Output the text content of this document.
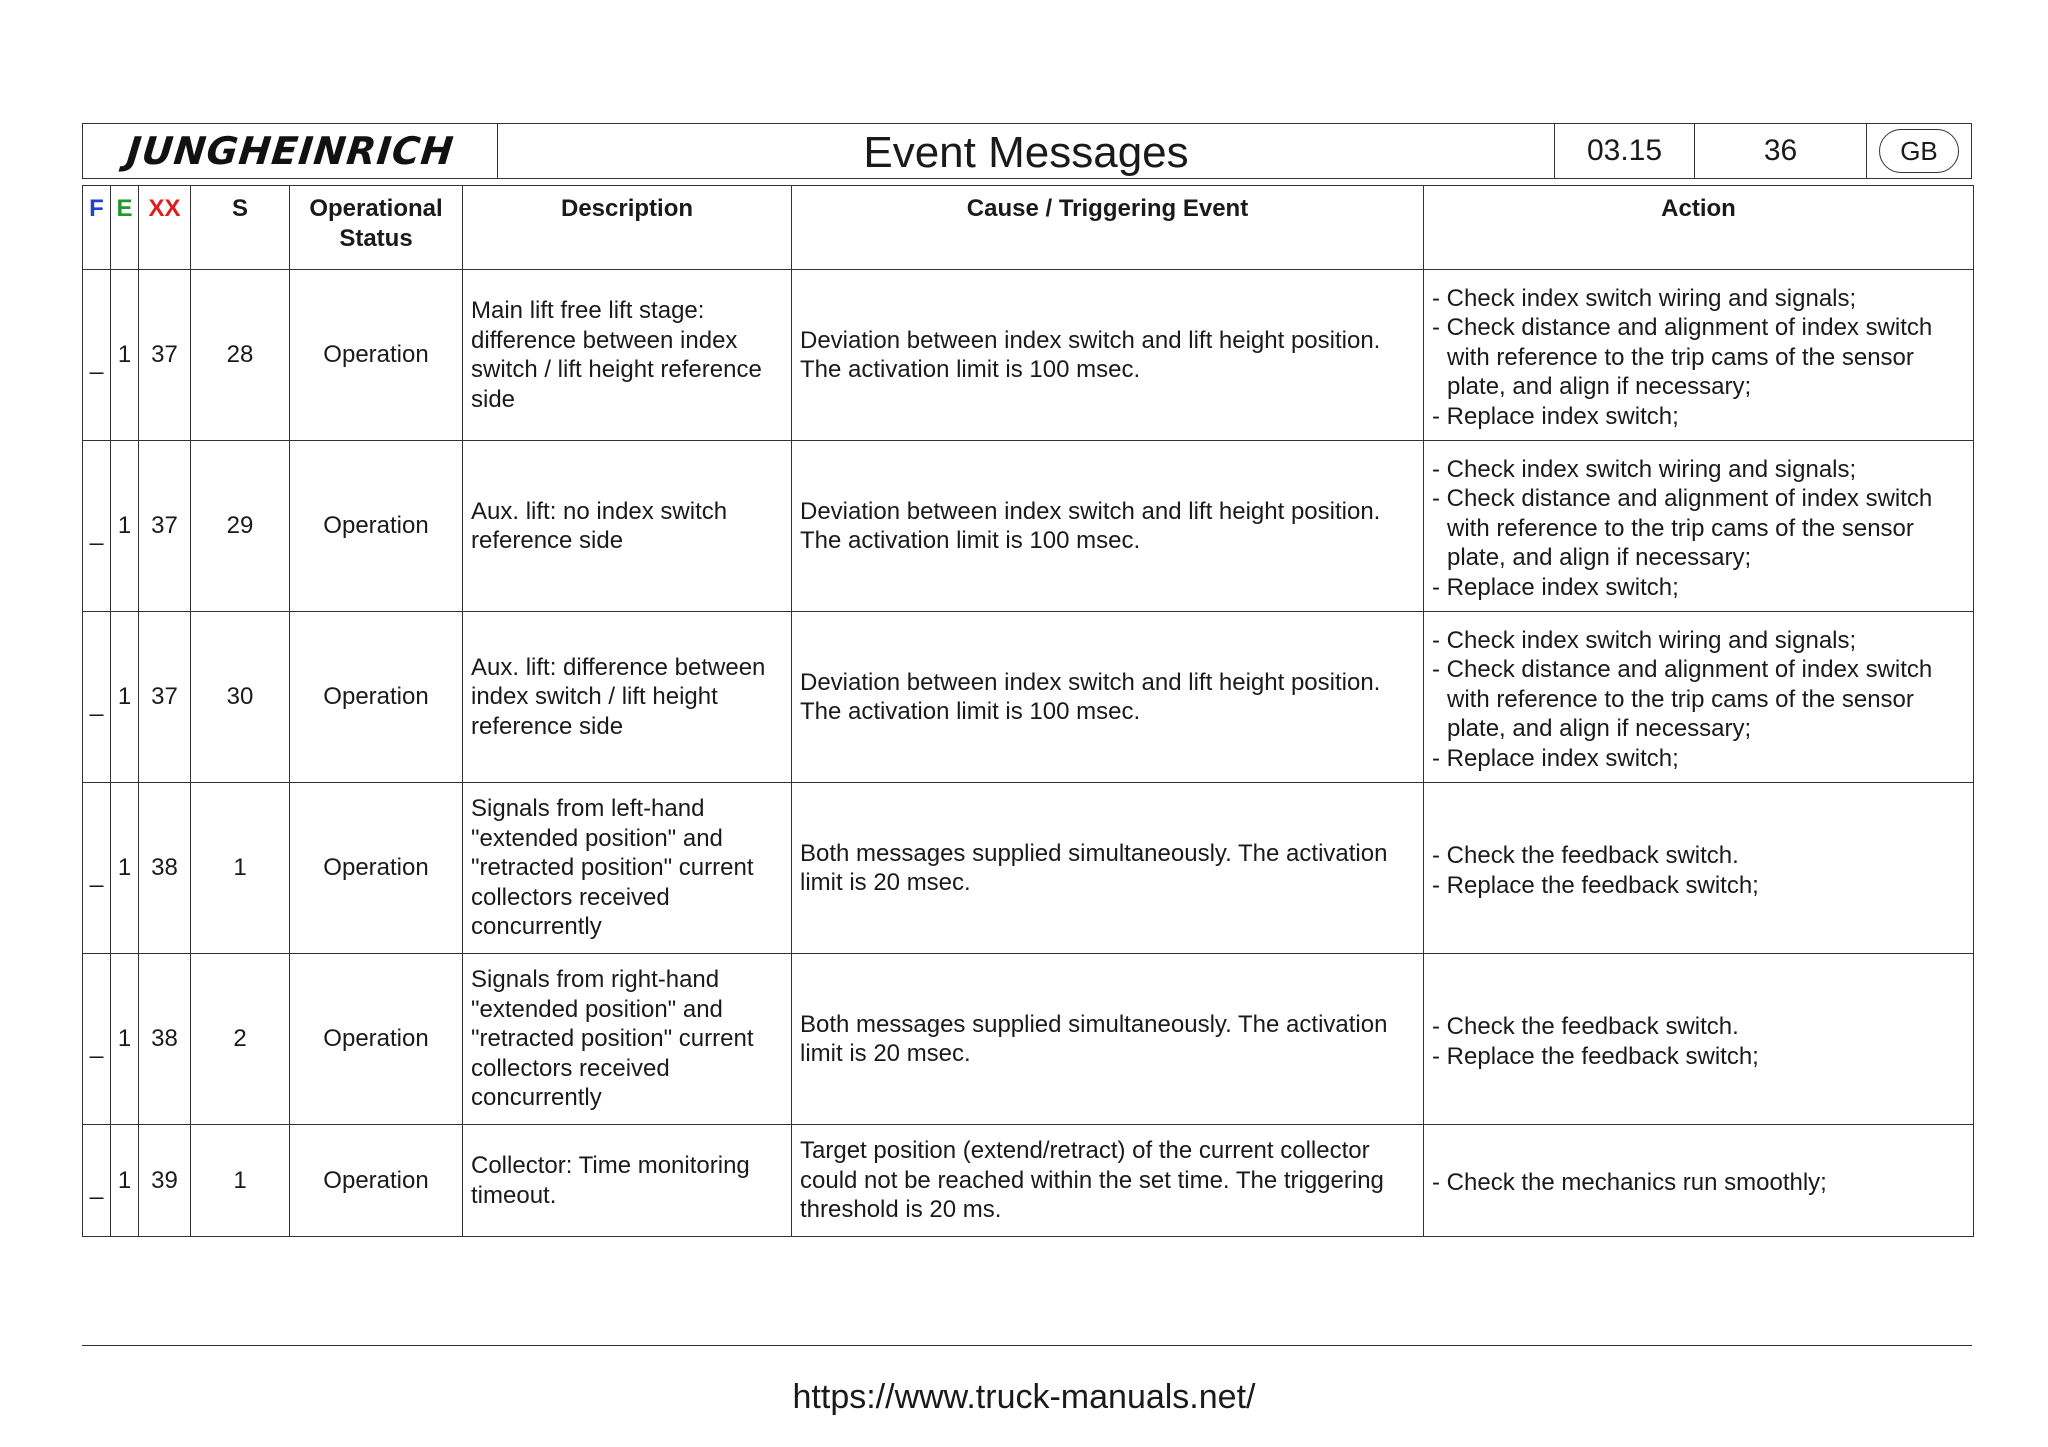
JUNGHEINRICH	Event Messages	03.15	36	GB
F	E	XX	S	Operational Status	Description	Cause / Triggering Event	Action
_	1	37	28	Operation	Main lift free lift stage: difference between index switch / lift height reference side	Deviation between index switch and lift height position. The activation limit is 100 msec.	- Check index switch wiring and signals;
- Check distance and alignment of index switch with reference to the trip cams of the sensor plate, and align if necessary;
- Replace index switch;

_	1	37	29	Operation	Aux. lift: no index switch reference side	Deviation between index switch and lift height position. The activation limit is 100 msec.	- Check index switch wiring and signals;
- Check distance and alignment of index switch with reference to the trip cams of the sensor plate, and align if necessary;
- Replace index switch;

_	1	37	30	Operation	Aux. lift: difference between index switch / lift height reference side	Deviation between index switch and lift height position. The activation limit is 100 msec.	- Check index switch wiring and signals;
- Check distance and alignment of index switch with reference to the trip cams of the sensor plate, and align if necessary;
- Replace index switch;

_	1	38	1	Operation	Signals from left-hand "extended position" and "retracted position" current collectors received concurrently	Both messages supplied simultaneously. The activation limit is 20 msec.	- Check the feedback switch.
- Replace the feedback switch;

_	1	38	2	Operation	Signals from right-hand "extended position" and "retracted position" current collectors received concurrently	Both messages supplied simultaneously. The activation limit is 20 msec.	- Check the feedback switch.
- Replace the feedback switch;

_	1	39	1	Operation	Collector: Time monitoring timeout.	Target position (extend/retract) of the current collector could not be reached within the set time. The triggering threshold is 20 ms.	- Check the mechanics run smoothly;
https://www.truck-manuals.net/
